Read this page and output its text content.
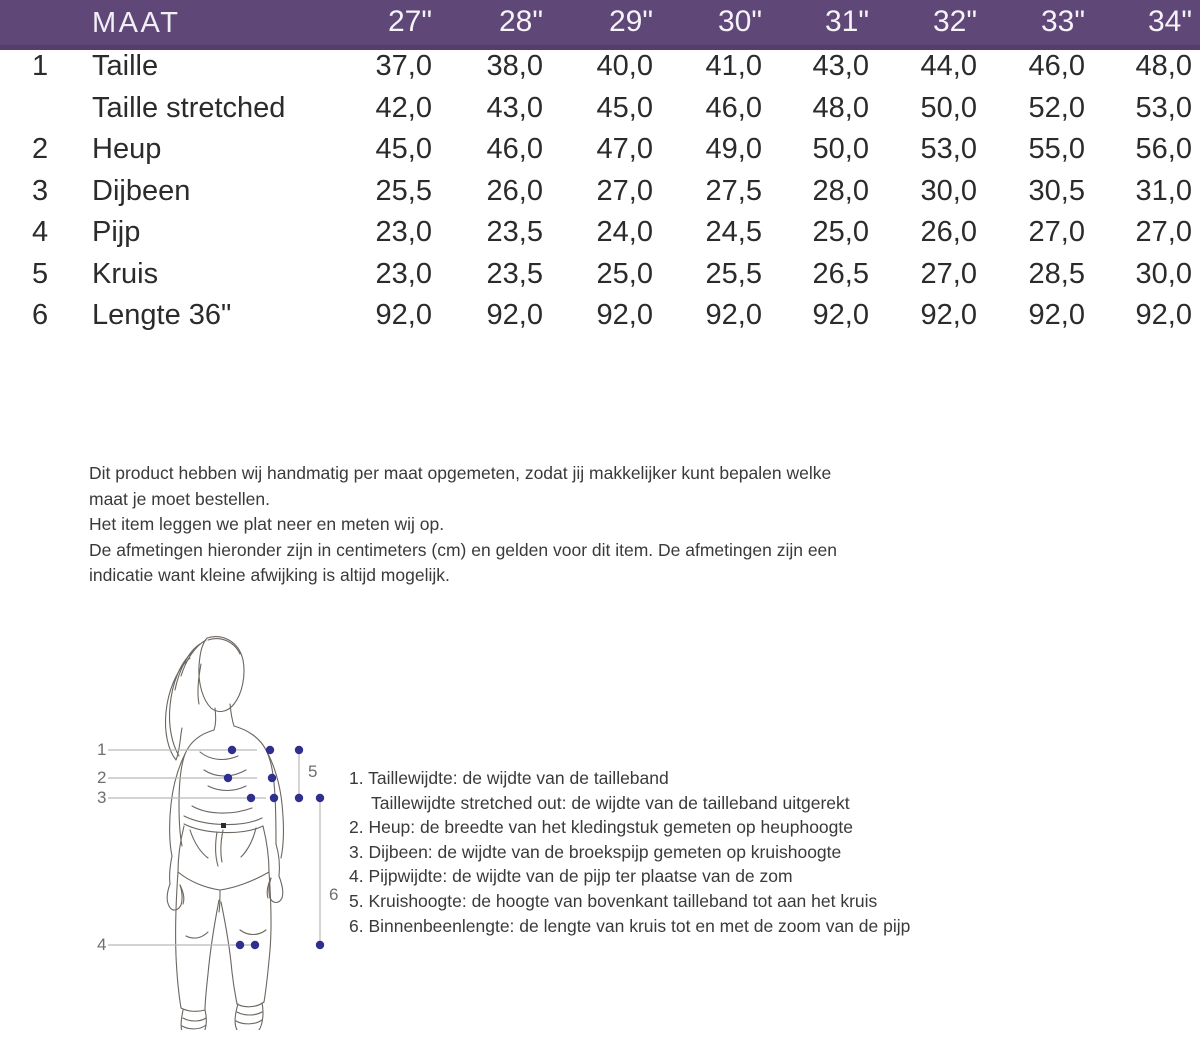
MAAT	27" 28" 29" 30" 31" 32" 33" 34"
1 Taille	37,0 38,0 40,0 41,0 43,0 44,0 46,0 48,0
Taille stretched	42,0 43,0 45,0 46,0 48,0 50,0 52,0 53,0
2 Heup	45,0 46,0 47,0 49,0 50,0 53,0 55,0 56,0
3 Dijbeen	25,5 26,0 27,0 27,5 28,0 30,0 30,5 31,0
4 Pijp	23,0 23,5 24,0 24,5 25,0 26,0 27,0 27,0
5 Kruis	23,0 23,5 25,0 25,5 26,5 27,0 28,5 30,0
6 Lengte 36"	92,0 92,0 92,0 92,0 92,0 92,0 92,0 92,0
Dit product hebben wij handmatig per maat opgemeten, zodat jij makkelijker kunt bepalen welke
maat je moet bestellen.
Het item leggen we plat neer en meten wij op.
De afmetingen hieronder zijn in centimeters (cm) en gelden voor dit item. De afmetingen zijn een
indicatie want kleine afwijking is altijd mogelijk.
1
2
3
4
5
6
1. Taillewijdte: de wijdte van de tailleband
Taillewijdte stretched out: de wijdte van de tailleband uitgerekt
2. Heup: de breedte van het kledingstuk gemeten op heuphoogte
3. Dijbeen: de wijdte van de broekspijp gemeten op kruishoogte
4. Pijpwijdte: de wijdte van de pijp ter plaatse van de zom
5. Kruishoogte: de hoogte van bovenkant tailleband tot aan het kruis
6. Binnenbeenlengte: de lengte van kruis tot en met de zoom van de pijp
